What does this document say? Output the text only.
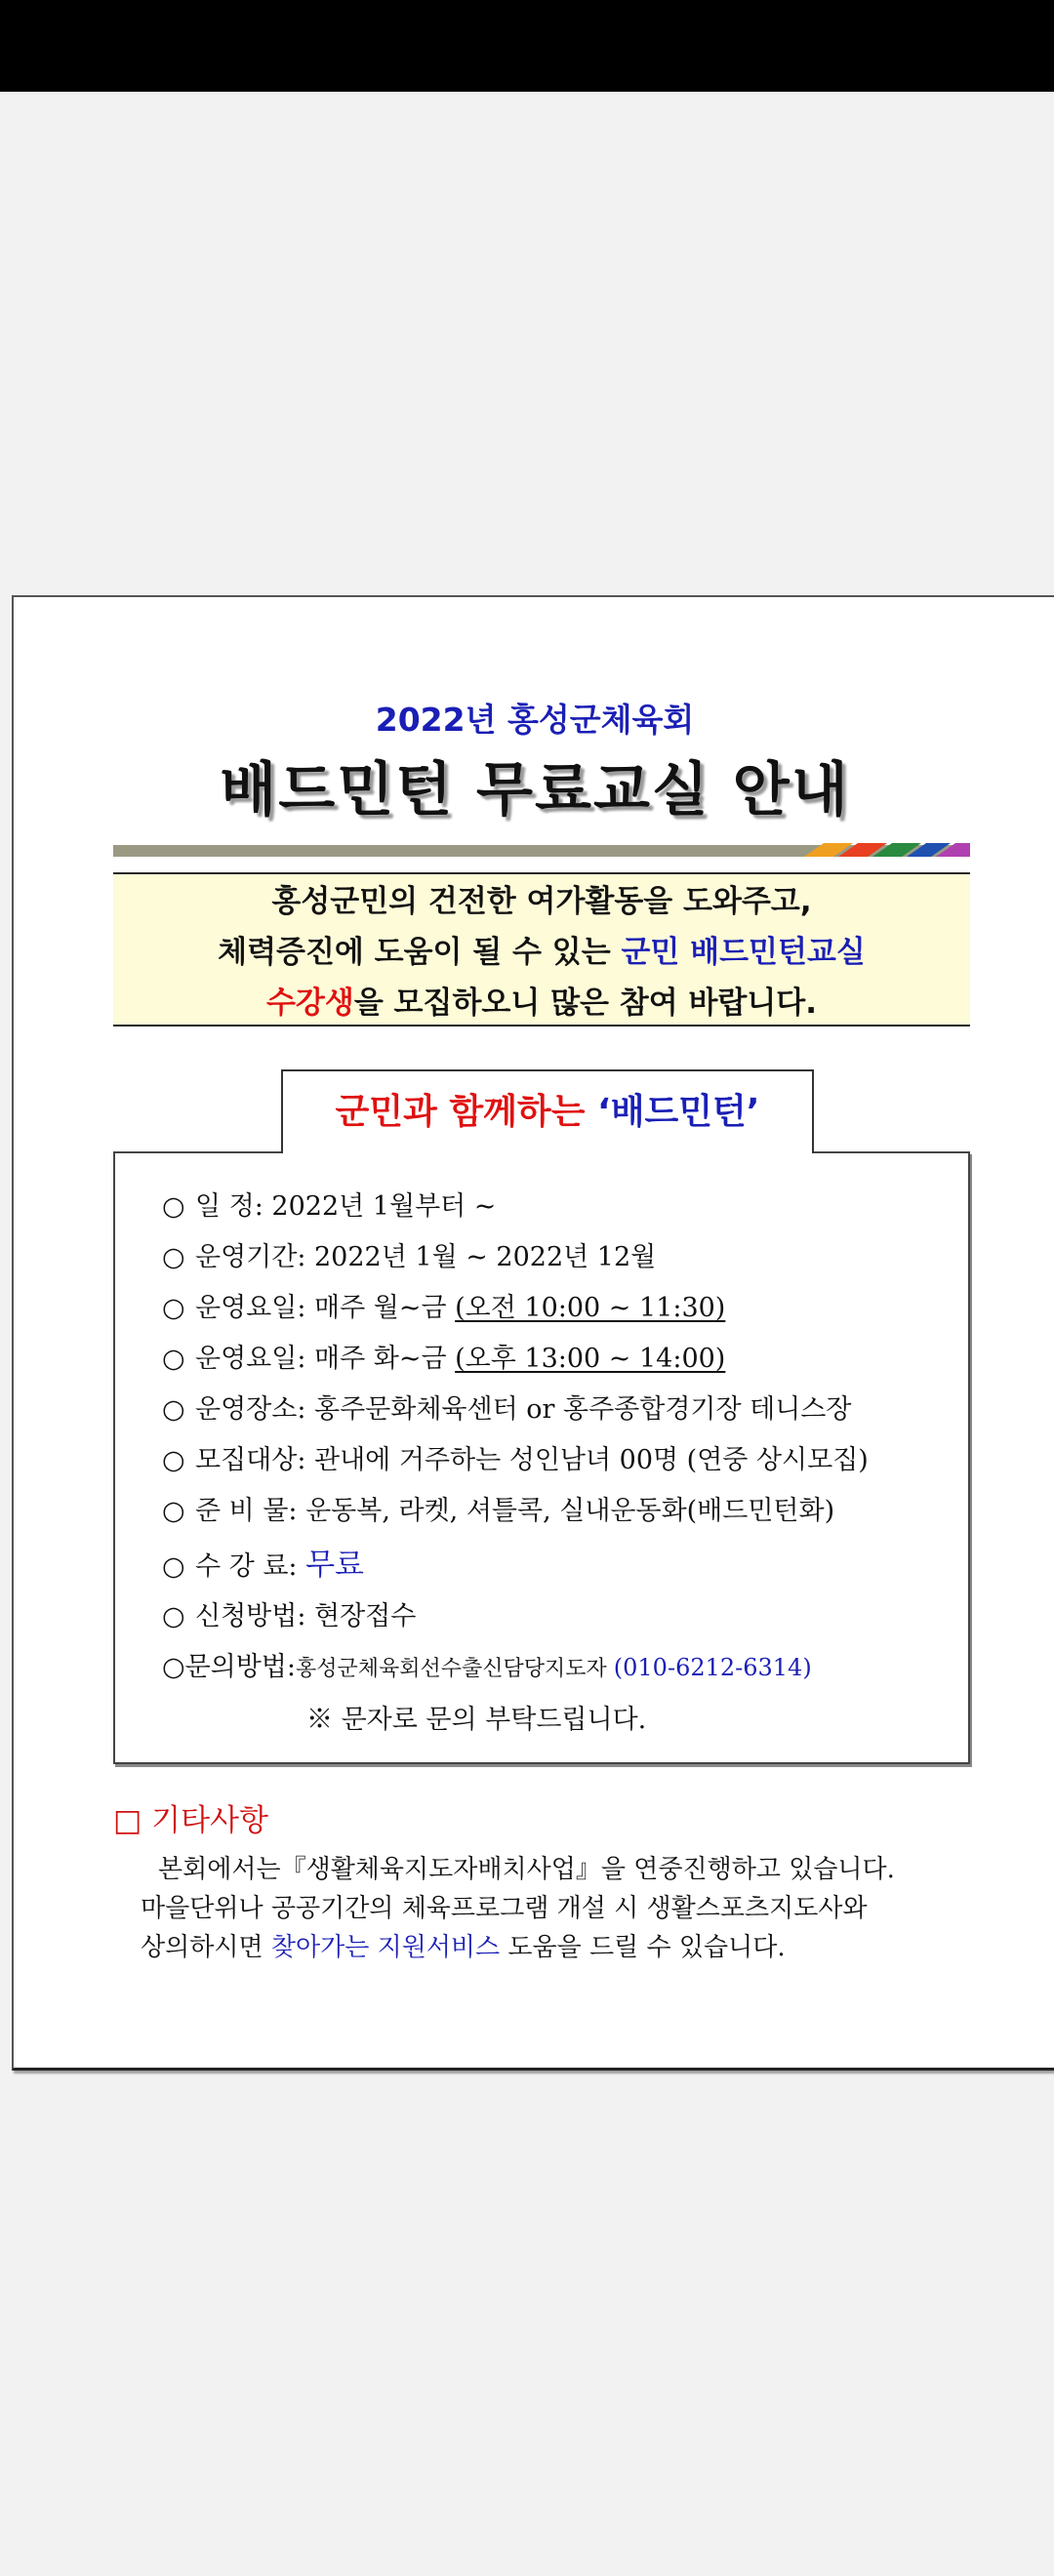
2022년 홍성군체육회
배드민턴 무료교실 안내
홍성군민의 건전한 여가활동을 도와주고,
체력증진에 도움이 될 수 있는 군민 배드민턴교실
수강생을 모집하오니 많은 참여 바랍니다.
군민과 함께하는 ‘배드민턴’
○ 일 정: 2022년 1월부터 ~
○ 운영기간: 2022년 1월 ~ 2022년 12월
○ 운영요일: 매주 월~금 (오전 10:00 ~ 11:30)
○ 운영요일: 매주 화~금 (오후 13:00 ~ 14:00)
○ 운영장소: 홍주문화체육센터 or 홍주종합경기장 테니스장
○ 모집대상: 관내에 거주하는 성인남녀 00명 (연중 상시모집)
○ 준 비 물: 운동복, 라켓, 셔틀콕, 실내운동화(배드민턴화)
○ 수 강 료: 무료
○ 신청방법: 현장접수
○문의방법:홍성군체육회선수출신담당지도자 (010-6212-6314)
※ 문자로 문의 부탁드립니다.
□ 기타사항
본회에서는『생활체육지도자배치사업』을 연중진행하고 있습니다.
마을단위나 공공기간의 체육프로그램 개설 시 생활스포츠지도사와
상의하시면 찾아가는 지원서비스 도움을 드릴 수 있습니다.
